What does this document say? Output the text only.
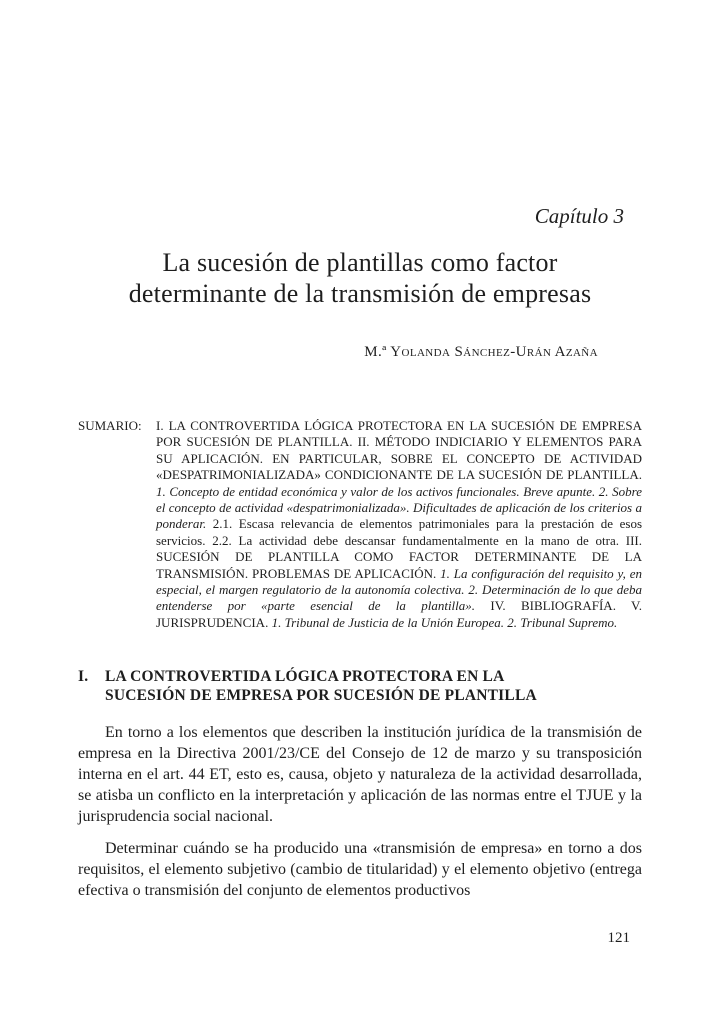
Capítulo 3
La sucesión de plantillas como factor
determinante de la transmisión de empresas
M.ª Yolanda Sánchez-Urán Azaña
SUMARIO:	I. LA CONTROVERTIDA LÓGICA PROTECTORA EN LA SUCESIÓN DE EMPRESA POR SUCESIÓN DE PLANTILLA. II. MÉTODO INDICIARIO Y ELEMENTOS PARA SU APLICACIÓN. EN PARTICULAR, SOBRE EL CONCEPTO DE ACTIVIDAD «DESPATRIMONIALIZADA» CONDICIONANTE DE LA SUCESIÓN DE PLANTILLA. 1. Concepto de entidad económica y valor de los activos funcionales. Breve apunte. 2. Sobre el concepto de actividad «despatrimonializada». Dificultades de aplicación de los criterios a ponderar. 2.1. Escasa relevancia de elementos patrimoniales para la prestación de esos servicios. 2.2. La actividad debe descansar fundamentalmente en la mano de otra. III. SUCESIÓN DE PLANTILLA COMO FACTOR DETERMINANTE DE LA TRANSMISIÓN. PROBLEMAS DE APLICACIÓN. 1. La configuración del requisito y, en especial, el margen regulatorio de la autonomía colectiva. 2. Determinación de lo que deba entenderse por «parte esencial de la plantilla». IV. BIBLIOGRAFÍA. V. JURISPRUDENCIA. 1. Tribunal de Justicia de la Unión Europea. 2. Tribunal Supremo.
I.	LA CONTROVERTIDA LÓGICA PROTECTORA EN LA
SUCESIÓN DE EMPRESA POR SUCESIÓN DE PLANTILLA

En torno a los elementos que describen la institución jurídica de la transmisión de empresa en la Directiva 2001/23/CE del Consejo de 12 de marzo y su transposición interna en el art. 44 ET, esto es, causa, objeto y naturaleza de la actividad desarrollada, se atisba un conflicto en la interpretación y aplicación de las normas entre el TJUE y la jurisprudencia social nacional.

Determinar cuándo se ha producido una «transmisión de empresa» en torno a dos requisitos, el elemento subjetivo (cambio de titularidad) y el elemento objetivo (entrega efectiva o transmisión del conjunto de elementos productivos

121
